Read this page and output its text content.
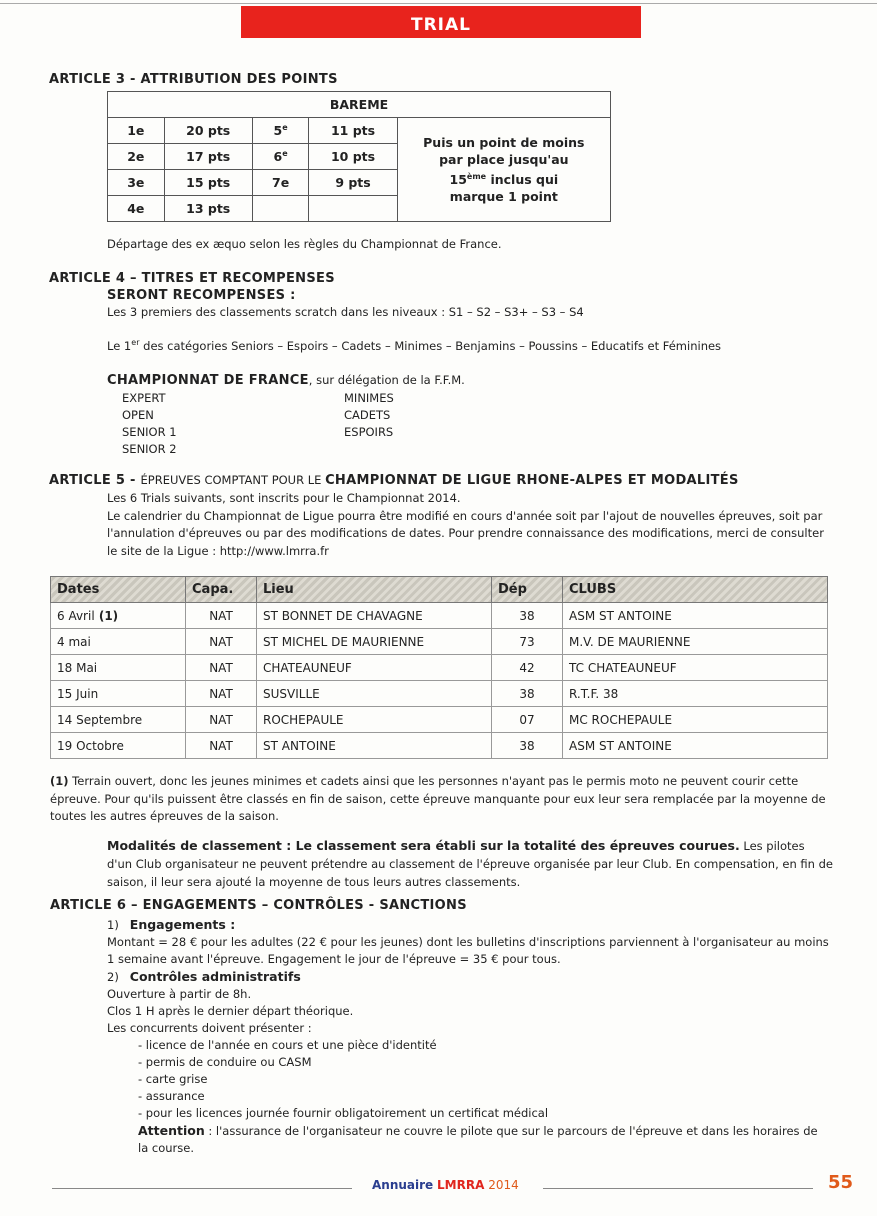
TRIAL
ARTICLE 3 - ATTRIBUTION DES POINTS
BAREME				
1e	20 pts	5e	11 pts	Puis un point de moins
par place jusqu'au
15ème inclus qui
marque 1 point

2e	17 pts	6e	10 pts	
3e	15 pts	7e	9 pts	
4e	13 pts			
Départage des ex æquo selon les règles du Championnat de France.
ARTICLE 4 – TITRES ET RECOMPENSES
SERONT RECOMPENSES :
Les 3 premiers des classements scratch dans les niveaux : S1 – S2 – S3+ – S3 – S4
Le 1er des catégories Seniors – Espoirs – Cadets – Minimes – Benjamins – Poussins – Educatifs et Féminines
CHAMPIONNAT DE FRANCE, sur délégation de la F.F.M.
EXPERT
OPEN
SENIOR 1
SENIOR 2
MINIMES
CADETS
ESPOIRS
ARTICLE 5 - ÉPREUVES COMPTANT POUR LE CHAMPIONNAT DE LIGUE RHONE-ALPES ET MODALITÉS
Les 6 Trials suivants, sont inscrits pour le Championnat 2014.
Le calendrier du Championnat de Ligue pourra être modifié en cours d'année soit par l'ajout de nouvelles épreuves, soit par
l'annulation d'épreuves ou par des modifications de dates. Pour prendre connaissance des modifications, merci de consulter
le site de la Ligue : http://www.lmrra.fr
Dates	Capa.	Lieu	Dép	CLUBS
6 Avril (1)	NAT	ST BONNET DE CHAVAGNE	38	ASM ST ANTOINE
4 mai	NAT	ST MICHEL DE MAURIENNE	73	M.V. DE MAURIENNE
18 Mai	NAT	CHATEAUNEUF	42	TC CHATEAUNEUF
15 Juin	NAT	SUSVILLE	38	R.T.F. 38
14 Septembre	NAT	ROCHEPAULE	07	MC ROCHEPAULE
19 Octobre	NAT	ST ANTOINE	38	ASM ST ANTOINE
(1) Terrain ouvert, donc les jeunes minimes et cadets ainsi que les personnes n'ayant pas le permis moto ne peuvent courir cette
épreuve. Pour qu'ils puissent être classés en fin de saison, cette épreuve manquante pour eux leur sera remplacée par la moyenne de
toutes les autres épreuves de la saison.
Modalités de classement : Le classement sera établi sur la totalité des épreuves courues. Les pilotes
d'un Club organisateur ne peuvent prétendre au classement de l'épreuve organisée par leur Club. En compensation, en fin de
saison, il leur sera ajouté la moyenne de tous leurs autres classements.
ARTICLE 6 – ENGAGEMENTS – CONTRÔLES - SANCTIONS
1) Engagements :
Montant = 28 € pour les adultes (22 € pour les jeunes) dont les bulletins d'inscriptions parviennent à l'organisateur au moins
1 semaine avant l'épreuve. Engagement le jour de l'épreuve = 35 € pour tous.
2) Contrôles administratifs
Ouverture à partir de 8h.
Clos 1 H après le dernier départ théorique.
Les concurrents doivent présenter :
- licence de l'année en cours et une pièce d'identité
- permis de conduire ou CASM
- carte grise
- assurance
- pour les licences journée fournir obligatoirement un certificat médical
Attention : l'assurance de l'organisateur ne couvre le pilote que sur le parcours de l'épreuve et dans les horaires de
la course.
Annuaire LMRRA 2014	55
